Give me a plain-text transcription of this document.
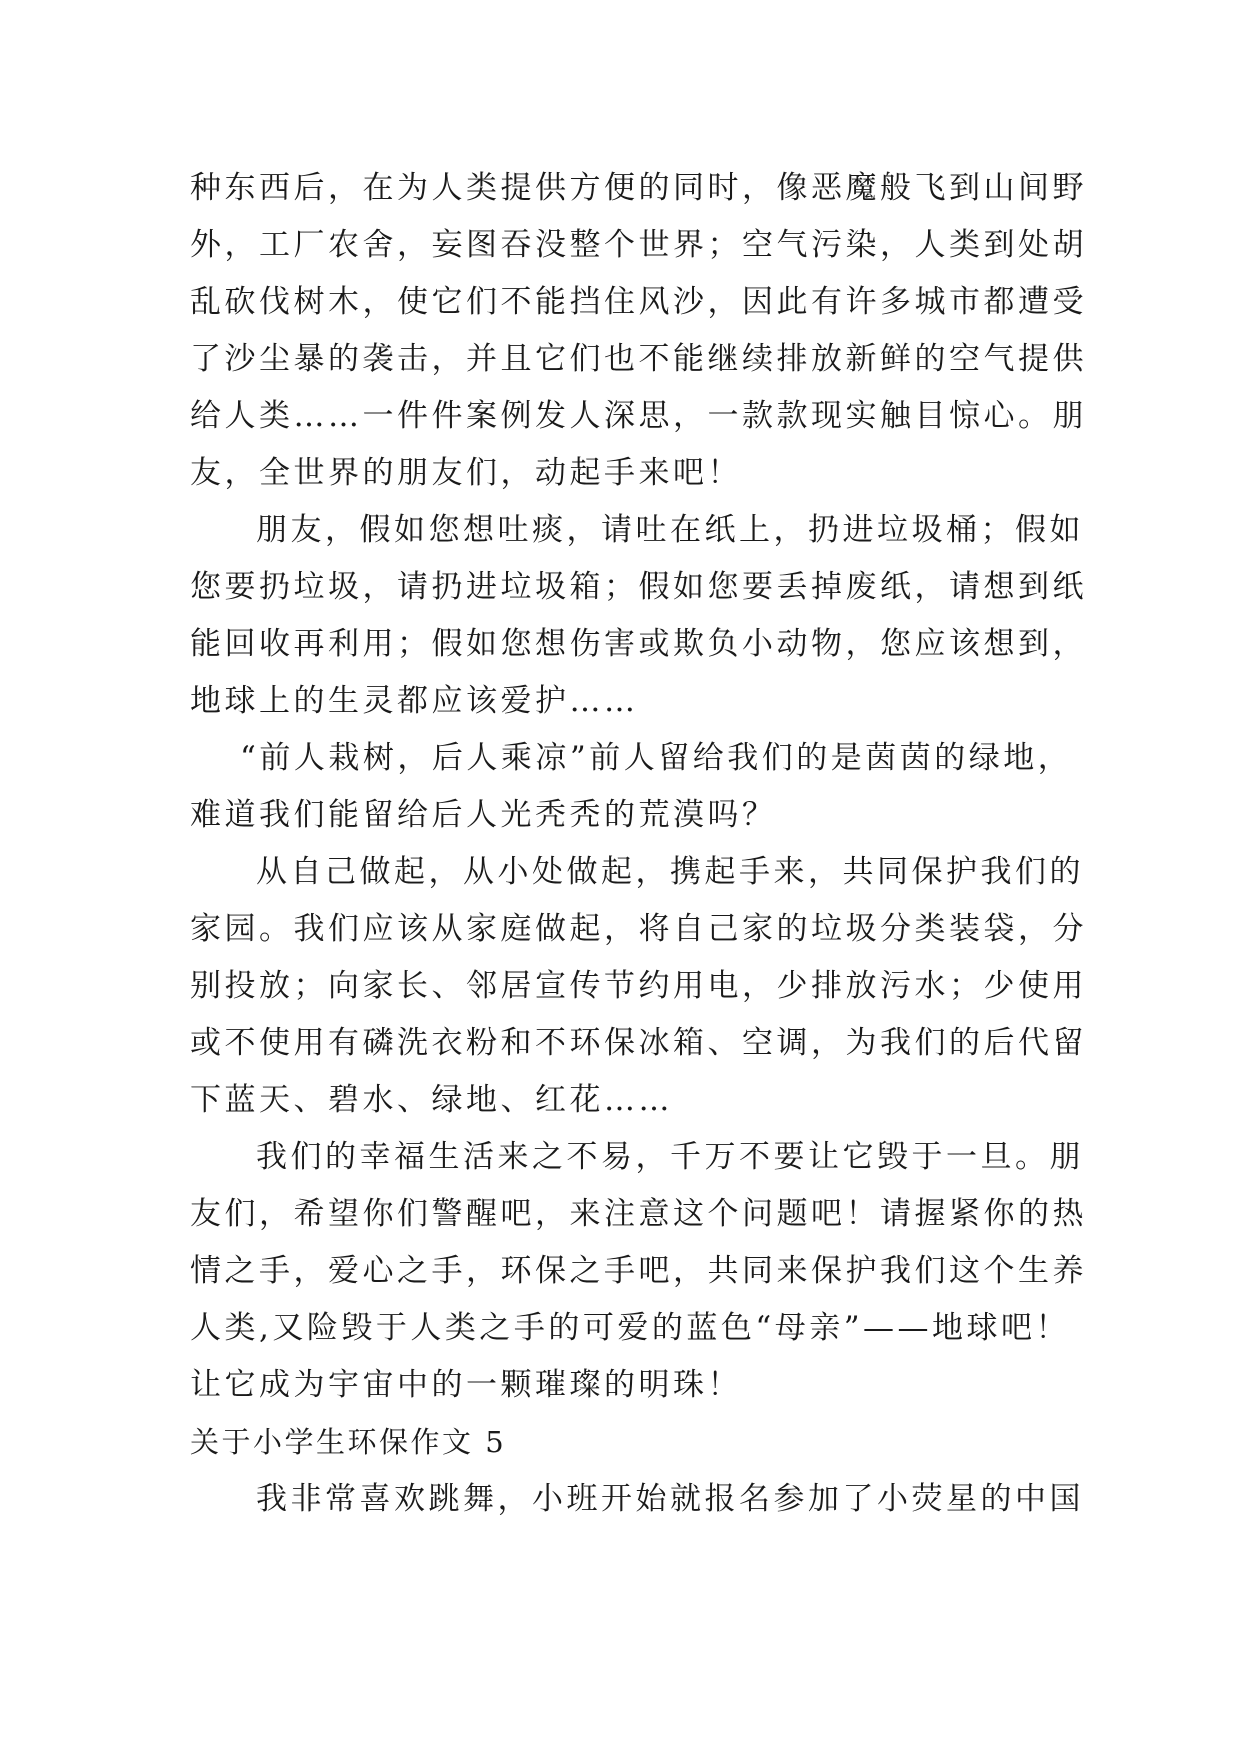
种东西后，在为人类提供方便的同时，像恶魔般飞到山间野
外，工厂农舍，妄图吞没整个世界；空气污染，人类到处胡
乱砍伐树木，使它们不能挡住风沙，因此有许多城市都遭受
了沙尘暴的袭击，并且它们也不能继续排放新鲜的空气提供
给人类……一件件案例发人深思，一款款现实触目惊心。朋
友，全世界的朋友们，动起手来吧！
朋友，假如您想吐痰，请吐在纸上，扔进垃圾桶；假如
您要扔垃圾，请扔进垃圾箱；假如您要丢掉废纸，请想到纸
能回收再利用；假如您想伤害或欺负小动物，您应该想到，
地球上的生灵都应该爱护……
“前人栽树，后人乘凉”前人留给我们的是茵茵的绿地，
难道我们能留给后人光秃秃的荒漠吗？
从自己做起，从小处做起，携起手来，共同保护我们的
家园。我们应该从家庭做起，将自己家的垃圾分类装袋，分
别投放；向家长、邻居宣传节约用电，少排放污水；少使用
或不使用有磷洗衣粉和不环保冰箱、空调，为我们的后代留
下蓝天、碧水、绿地、红花……
我们的幸福生活来之不易，千万不要让它毁于一旦。朋
友们，希望你们警醒吧，来注意这个问题吧！请握紧你的热
情之手，爱心之手，环保之手吧，共同来保护我们这个生养
人类,又险毁于人类之手的可爱的蓝色“母亲”——地球吧！
让它成为宇宙中的一颗璀璨的明珠！
关于小学生环保作文 5
我非常喜欢跳舞，小班开始就报名参加了小荧星的中国
